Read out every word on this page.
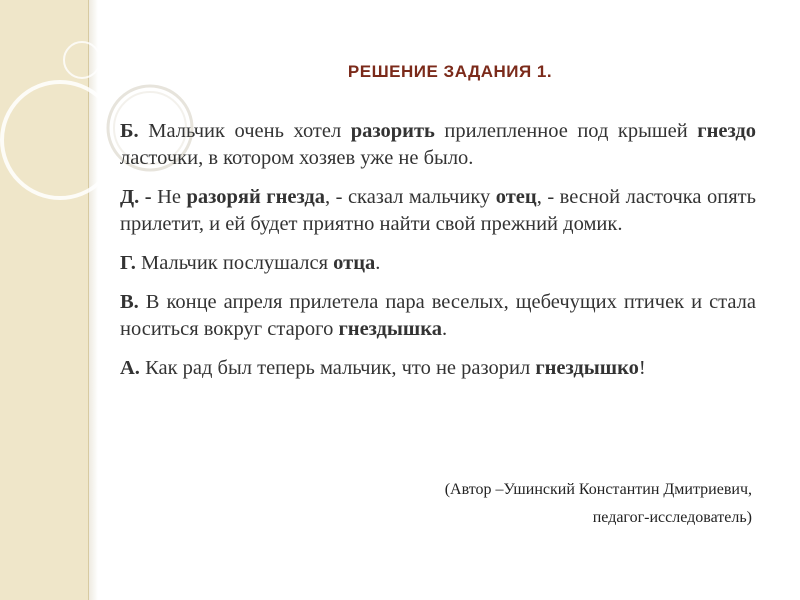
РЕШЕНИЕ ЗАДАНИЯ 1.

Б. Мальчик очень хотел разорить прилепленное под крышей гнездо ласточки, в котором хозяев уже не было.

Д. - Не разоряй гнезда, - сказал мальчику отец, - весной ласточка опять прилетит, и ей будет приятно найти свой прежний домик.

Г. Мальчик послушался отца.

В. В конце апреля прилетела пара веселых, щебечущих птичек и стала носиться вокруг старого гнездышка.

А. Как рад был теперь мальчик, что не разорил гнездышко!

(Автор –Ушинский Константин Дмитриевич,
педагог-исследователь)
